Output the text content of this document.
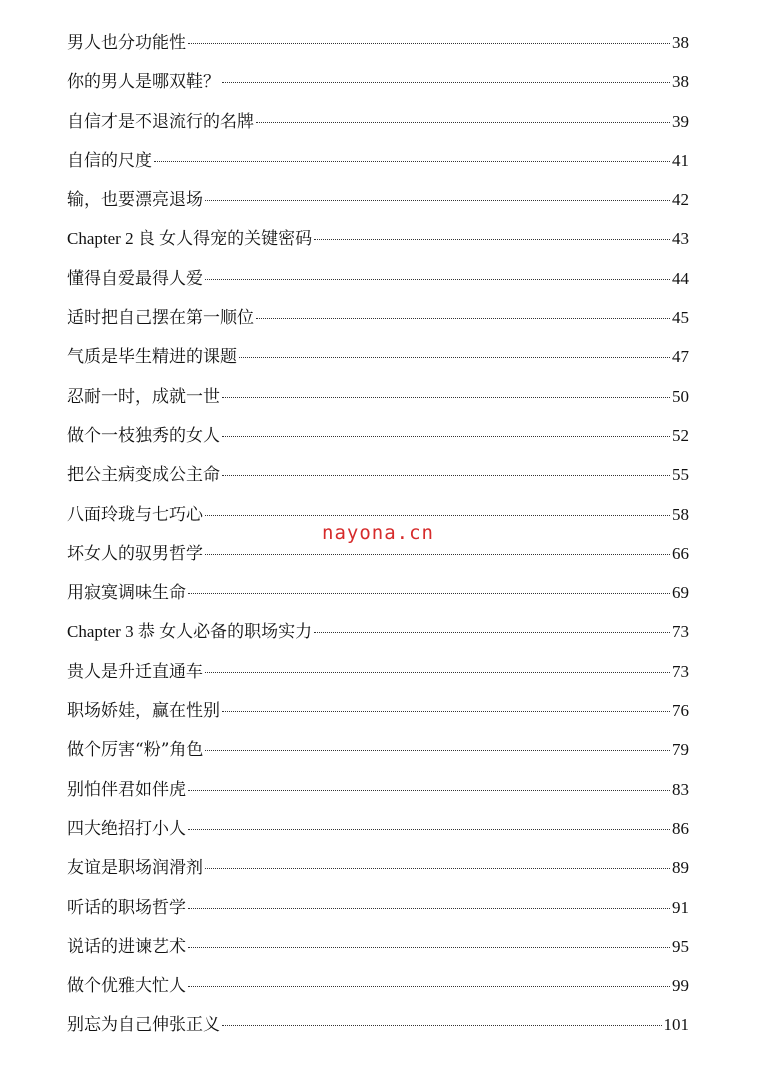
男人也分功能性	38
你的男人是哪双鞋？	38
自信才是不退流行的名牌	39
自信的尺度	41
输，也要漂亮退场	42
Chapter 2 良 女人得宠的关键密码	43
懂得自爱最得人爱	44
适时把自己摆在第一顺位	45
气质是毕生精进的课题	47
忍耐一时，成就一世	50
做个一枝独秀的女人	52
把公主病变成公主命	55
八面玲珑与七巧心	58
坏女人的驭男哲学	66
用寂寞调味生命	69
Chapter 3 恭 女人必备的职场实力	73
贵人是升迁直通车	73
职场娇娃，赢在性别	76
做个厉害“粉”角色	79
别怕伴君如伴虎	83
四大绝招打小人	86
友谊是职场润滑剂	89
听话的职场哲学	91
说话的进谏艺术	95
做个优雅大忙人	99
别忘为自己伸张正义	101
nayona.cn
